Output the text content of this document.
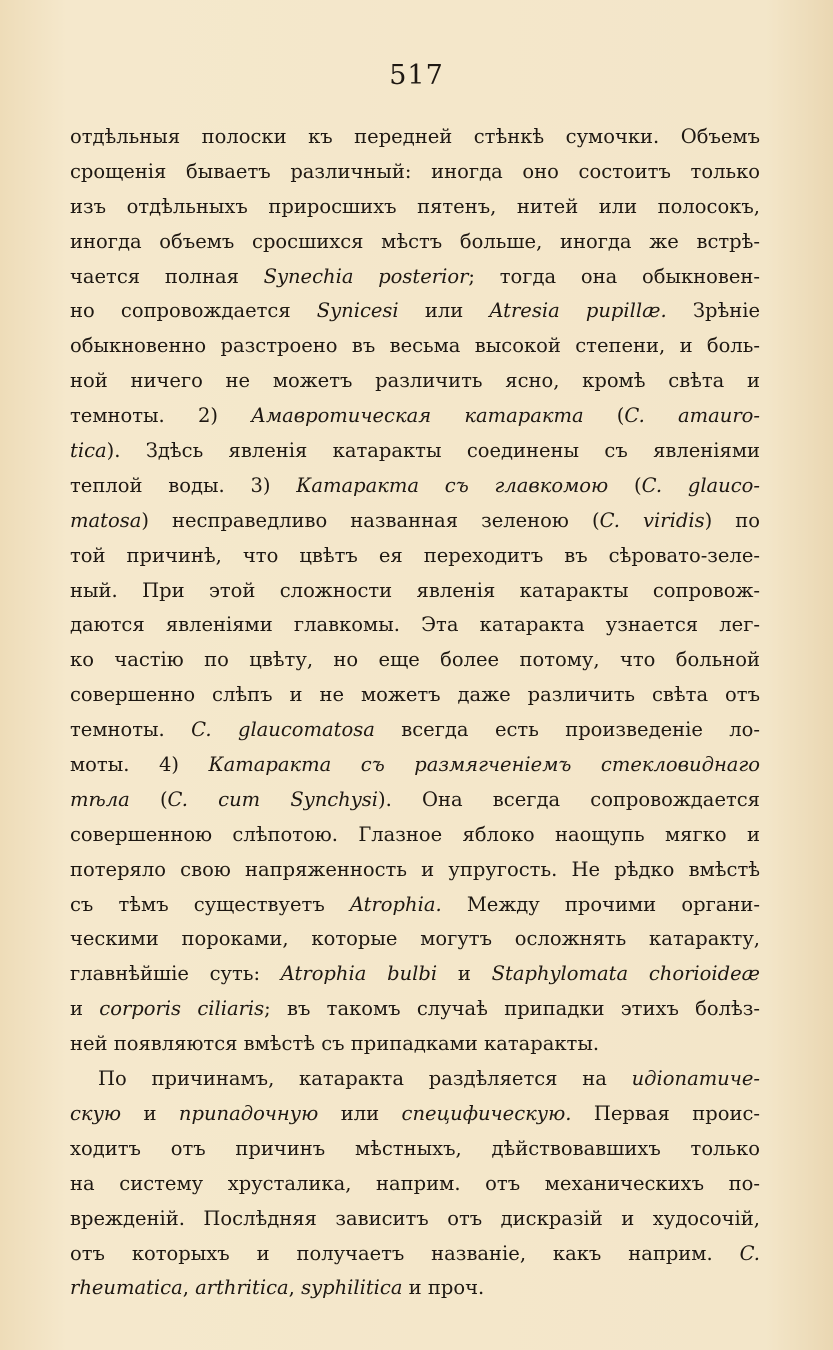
517
отдѣльныя полоски къ передней стѣнкѣ сумочки. Объемъ
срощенія бываетъ различный: иногда оно состоитъ только
изъ отдѣльныхъ приросшихъ пятенъ, нитей или полосокъ,
иногда объемъ сросшихся мѣстъ больше, иногда же встрѣ-
чается полная Synechia posterior; тогда она обыкновен-
но сопровождается Synicesi или Atresia pupillæ. Зрѣніе
обыкновенно разстроено въ весьма высокой степени, и боль-
ной ничего не можетъ различить ясно, кромѣ свѣта и
темноты. 2) Амавротическая катаракта (C. amauro-
tica). Здѣсь явленія катаракты соединены съ явленіями
теплой воды. 3) Катаракта съ главкомою (C. glauco-
matosa) несправедливо названная зеленою (C. viridis) по
той причинѣ, что цвѣтъ ея переходитъ въ сѣровато-зеле-
ный. При этой сложности явленія катаракты сопровож-
даются явленіями главкомы. Эта катаракта узнается лег-
ко частію по цвѣту, но еще более потому, что больной
совершенно слѣпъ и не можетъ даже различить свѣта отъ
темноты. C. glaucomatosa всегда есть произведеніе ло-
моты. 4) Катаракта съ размягченіемъ стекловиднаго
тѣла (C. cum Synchysi). Она всегда сопровождается
совершенною слѣпотою. Глазное яблоко наощупь мягко и
потеряло свою напряженность и упругость. Не рѣдко вмѣстѣ
съ тѣмъ существуетъ Atrophia. Между прочими органи-
ческими пороками, которые могутъ осложнять катаракту,
главнѣйшіе суть: Atrophia bulbi и Staphylomata chorioideæ
и corporis ciliaris; въ такомъ случаѣ припадки этихъ болѣз-
ней появляются вмѣстѣ съ припадками катаракты.
По причинамъ, катаракта раздѣляется на идіопатиче-
скую и припадочную или специфическую. Первая проис-
ходитъ отъ причинъ мѣстныхъ, дѣйствовавшихъ только
на систему хрусталика, наприм. отъ механическихъ по-
врежденій. Послѣдняя зависитъ отъ дискразій и худосочій,
отъ которыхъ и получаетъ названіе, какъ наприм. C.
rheumatica, arthritica, syphilitica и проч.
